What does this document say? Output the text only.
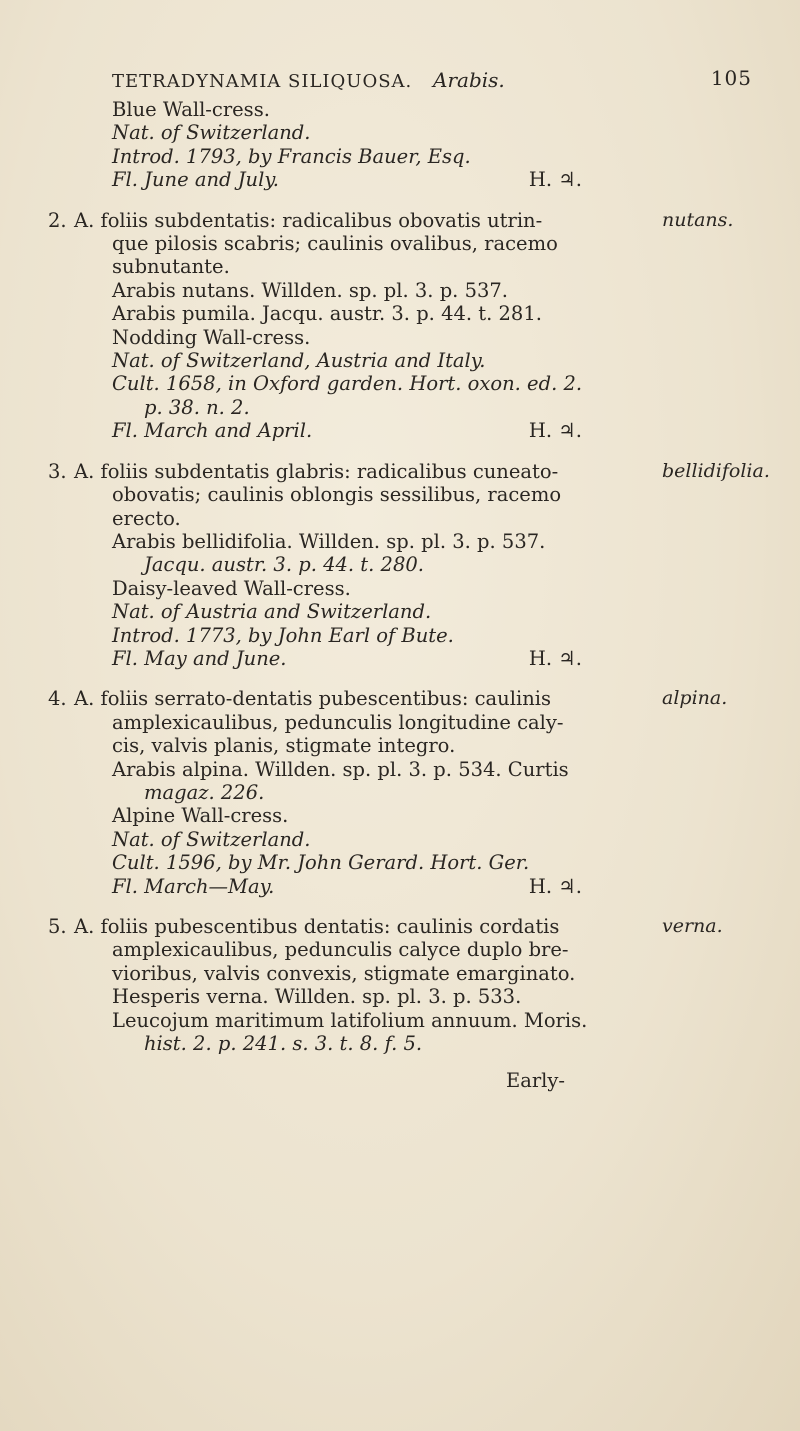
TETRADYNAMIA SILIQUOSA. Arabis.	105
Blue Wall-cress.
Nat. of Switzerland.
Introd. 1793, by Francis Bauer, Esq.
Fl. June and July.	H. ♃.
nutans.
2. A. foliis subdentatis: radicalibus obovatis utrin-
que pilosis scabris; caulinis ovalibus, racemo
subnutante.
Arabis nutans. Willden. sp. pl. 3. p. 537.
Arabis pumila. Jacqu. austr. 3. p. 44. t. 281.
Nodding Wall-cress.
Nat. of Switzerland, Austria and Italy.
Cult. 1658, in Oxford garden. Hort. oxon. ed. 2.
p. 38. n. 2.
Fl. March and April.	H. ♃.
bellidifolia.
3. A. foliis subdentatis glabris: radicalibus cuneato-
obovatis; caulinis oblongis sessilibus, racemo
erecto.
Arabis bellidifolia. Willden. sp. pl. 3. p. 537.
Jacqu. austr. 3. p. 44. t. 280.
Daisy-leaved Wall-cress.
Nat. of Austria and Switzerland.
Introd. 1773, by John Earl of Bute.
Fl. May and June.	H. ♃.
alpina.
4. A. foliis serrato-dentatis pubescentibus: caulinis
amplexicaulibus, pedunculis longitudine caly-
cis, valvis planis, stigmate integro.
Arabis alpina. Willden. sp. pl. 3. p. 534. Curtis
magaz. 226.
Alpine Wall-cress.
Nat. of Switzerland.
Cult. 1596, by Mr. John Gerard. Hort. Ger.
Fl. March—May.	H. ♃.
verna.
5. A. foliis pubescentibus dentatis: caulinis cordatis
amplexicaulibus, pedunculis calyce duplo bre-
vioribus, valvis convexis, stigmate emarginato.
Hesperis verna. Willden. sp. pl. 3. p. 533.
Leucojum maritimum latifolium annuum. Moris.
hist. 2. p. 241. s. 3. t. 8. f. 5.
Early-
